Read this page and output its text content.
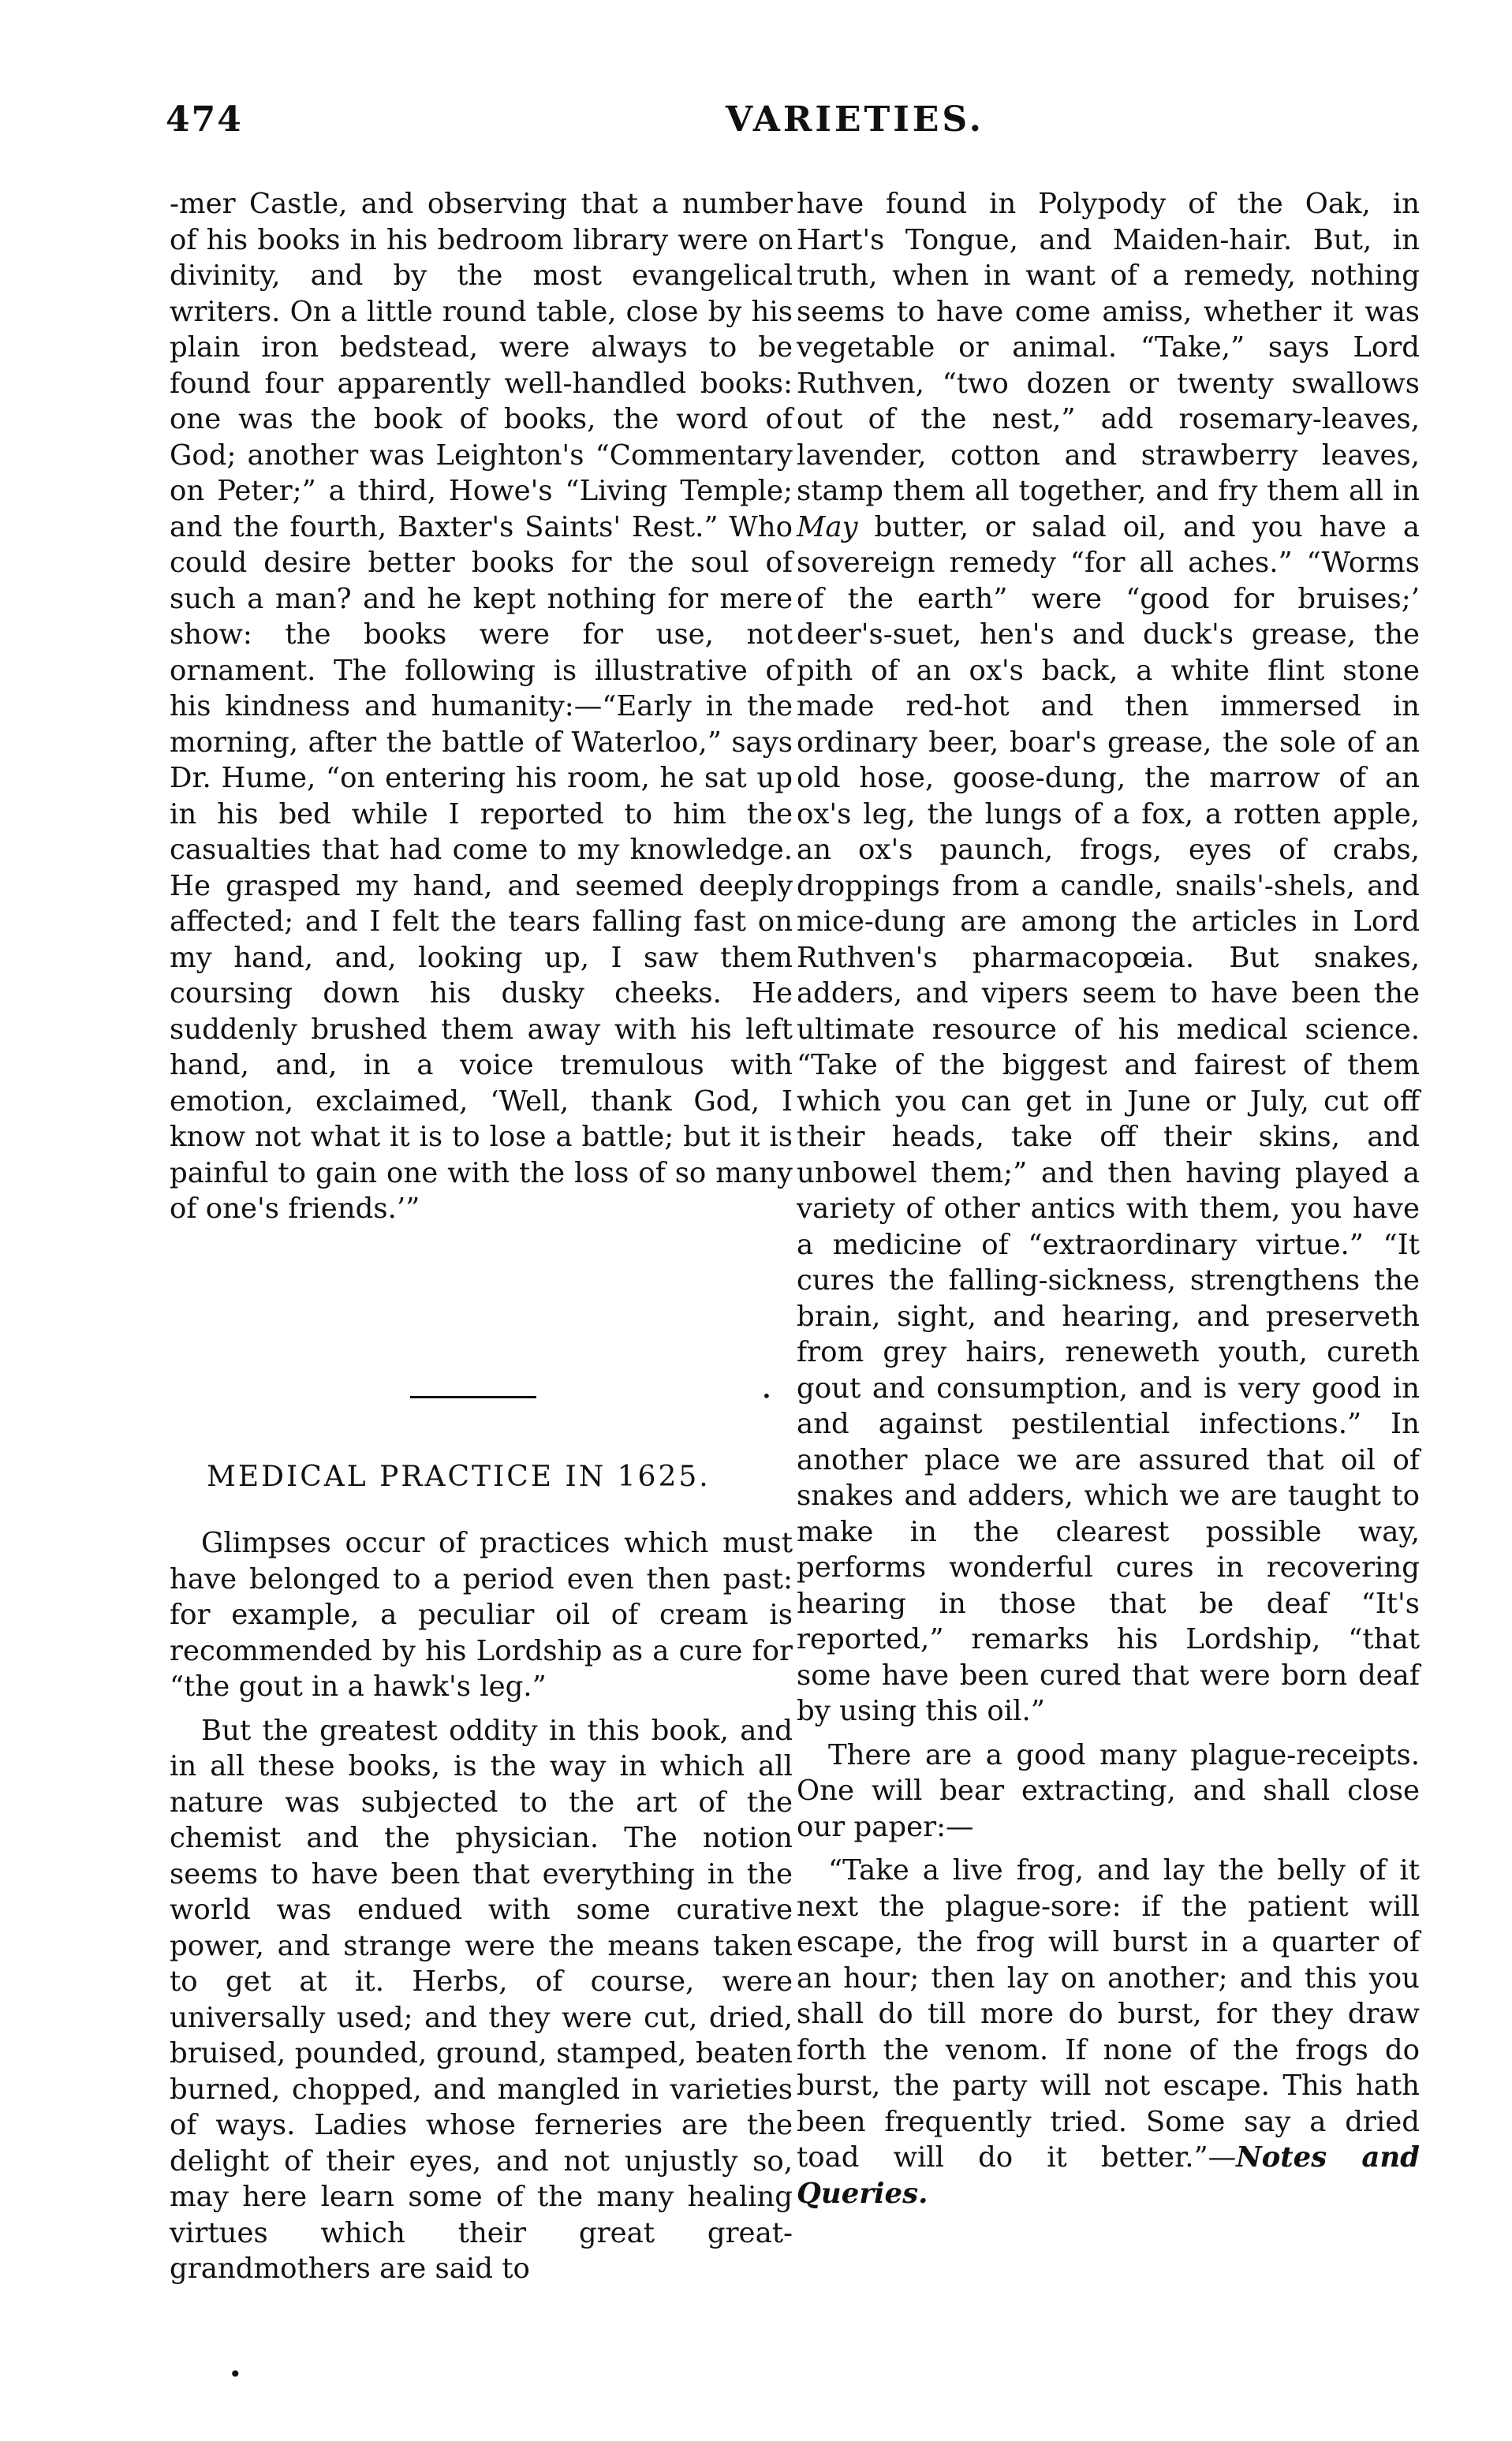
474	VARIETIES.

-mer Castle, and observing that a number of his books in his bedroom library were on divinity, and by the most evangelical writers. On a little round table, close by his plain iron bedstead, were always to be found four apparently well-handled books: one was the book of books, the word of God; another was Leighton's “Commentary on Peter;” a third, Howe's “Living Temple; and the fourth, Baxter's Saints' Rest.” Who could desire better books for the soul of such a man? and he kept nothing for mere show: the books were for use, not ornament. The following is illustrative of his kindness and humanity:—“Early in the morning, after the battle of Waterloo,” says Dr. Hume, “on entering his room, he sat up in his bed while I reported to him the casualties that had come to my knowledge. He grasped my hand, and seemed deeply affected; and I felt the tears falling fast on my hand, and, looking up, I saw them coursing down his dusky cheeks. He suddenly brushed them away with his left hand, and, in a voice tremulous with emotion, exclaimed, ‘Well, thank God, I know not what it is to lose a battle; but it is painful to gain one with the loss of so many of one's friends.’”

•
MEDICAL PRACTICE IN 1625.

Glimpses occur of practices which must have belonged to a period even then past: for example, a peculiar oil of cream is recommended by his Lordship as a cure for “the gout in a hawk's leg.”

But the greatest oddity in this book, and in all these books, is the way in which all nature was subjected to the art of the chemist and the physician. The notion seems to have been that everything in the world was endued with some curative power, and strange were the means taken to get at it. Herbs, of course, were universally used; and they were cut, dried, bruised, pounded, ground, stamped, beaten burned, chopped, and mangled in varieties of ways. Ladies whose ferneries are the delight of their eyes, and not unjustly so, may here learn some of the many healing virtues which their great great-grandmothers are said to

have found in Polypody of the Oak, in Hart's Tongue, and Maiden-hair. But, in truth, when in want of a remedy, nothing seems to have come amiss, whether it was vegetable or animal. “Take,” says Lord Ruthven, “two dozen or twenty swallows out of the nest,” add rosemary-leaves, lavender, cotton and strawberry leaves, stamp them all together, and fry them all in May butter, or salad oil, and you have a sovereign remedy “for all aches.” “Worms of the earth” were “good for bruises;’ deer's-suet, hen's and duck's grease, the pith of an ox's back, a white flint stone made red-hot and then immersed in ordinary beer, boar's grease, the sole of an old hose, goose-dung, the marrow of an ox's leg, the lungs of a fox, a rotten apple, an ox's paunch, frogs, eyes of crabs, droppings from a candle, snails'-shels, and mice-dung are among the articles in Lord Ruthven's pharmacopœia. But snakes, adders, and vipers seem to have been the ultimate resource of his medical science. “Take of the biggest and fairest of them which you can get in June or July, cut off their heads, take off their skins, and unbowel them;” and then having played a variety of other antics with them, you have a medicine of “extraordinary virtue.” “It cures the falling-sickness, strengthens the brain, sight, and hearing, and preserveth from grey hairs, reneweth youth, cureth gout and consumption, and is very good in and against pestilential infections.” In another place we are assured that oil of snakes and adders, which we are taught to make in the clearest possible way, performs wonderful cures in recovering hearing in those that be deaf “It's reported,” remarks his Lordship, “that some have been cured that were born deaf by using this oil.”

There are a good many plague-receipts. One will bear extracting, and shall close our paper:—

“Take a live frog, and lay the belly of it next the plague-sore: if the patient will escape, the frog will burst in a quarter of an hour; then lay on another; and this you shall do till more do burst, for they draw forth the venom. If none of the frogs do burst, the party will not escape. This hath been frequently tried. Some say a dried toad will do it better.”—Notes and Queries.

•
